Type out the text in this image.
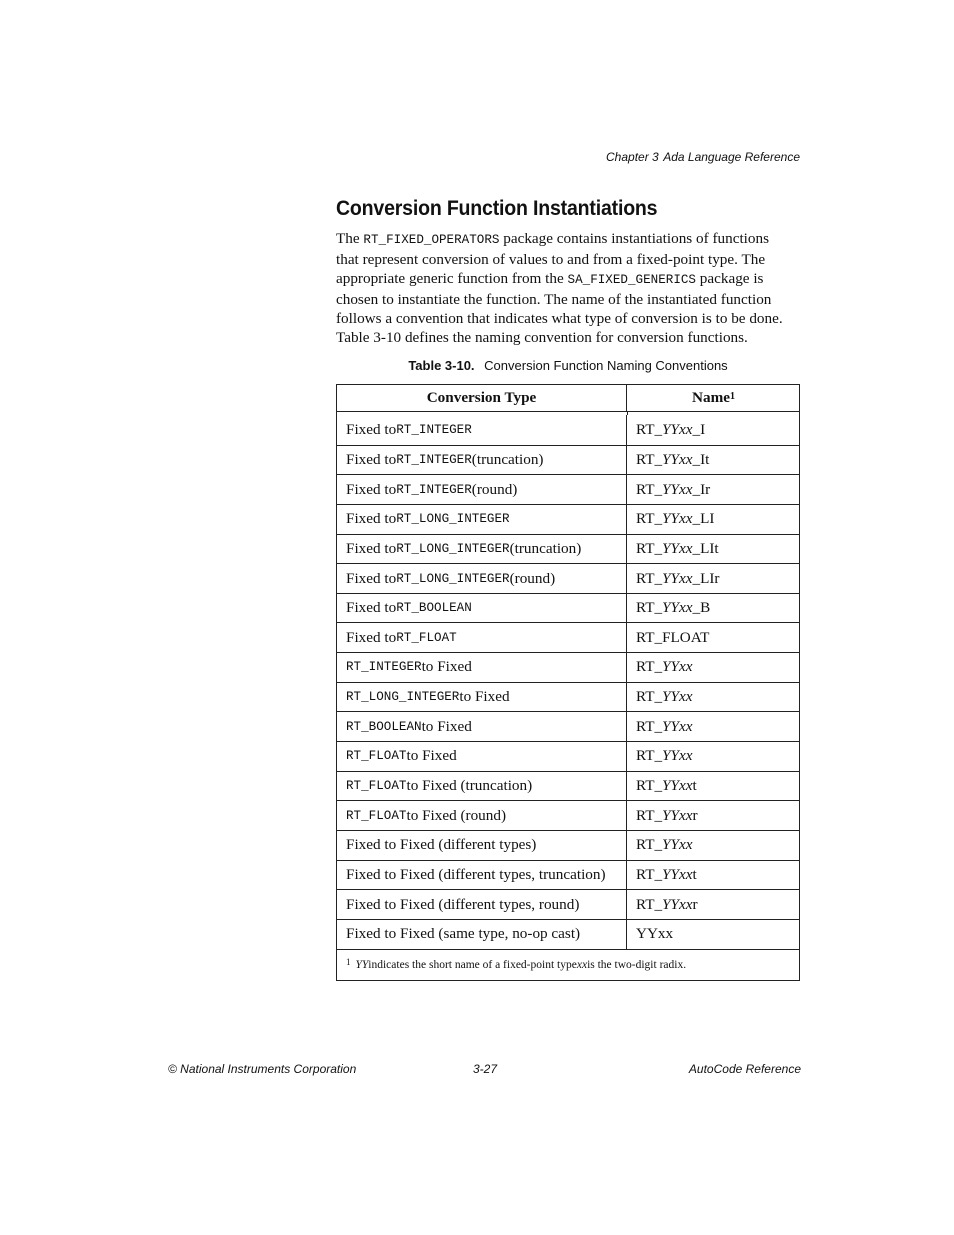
Chapter 3 Ada Language Reference
Conversion Function Instantiations

The RT_FIXED_OPERATORS package contains instantiations of functions
that represent conversion of values to and from a fixed-point type. The
appropriate generic function from the SA_FIXED_GENERICS package is
chosen to instantiate the function. The name of the instantiated function
follows a convention that indicates what type of conversion is to be done.
Table 3-10 defines the naming convention for conversion functions.

Table 3-10. Conversion Function Naming Conventions
Conversion Type	Name$^1$
Fixed to RT_INTEGER	RT_ YYxx _I
Fixed to RT_INTEGER (truncation)	RT_ YYxx _It
Fixed to RT_INTEGER (round)	RT_ YYxx _Ir
Fixed to RT_LONG_INTEGER	RT_ YYxx _LI
Fixed to RT_LONG_INTEGER (truncation)	RT_ YYxx _LIt
Fixed to RT_LONG_INTEGER (round)	RT_ YYxx _LIr
Fixed to RT_BOOLEAN	RT_ YYxx _B
Fixed to RT_FLOAT	RT_FLOAT
RT_INTEGER to Fixed	RT_ YYxx
RT_LONG_INTEGER to Fixed	RT_ YYxx
RT_BOOLEAN to Fixed	RT_ YYxx
RT_FLOAT to Fixed	RT_ YYxx
RT_FLOAT to Fixed (truncation)	RT_ YYxx t
RT_FLOAT to Fixed (round)	RT_ YYxx r
Fixed to Fixed (different types)	RT_ YYxx
Fixed to Fixed (different types, truncation) RT_ YYxx t
Fixed to Fixed (different types, round)	RT_ YYxx r
Fixed to Fixed (same type, no-op cast)	YYxx
$^1$ YY indicates the short name of a fixed-point type xx is the two-digit radix.
© National Instruments Corporation	3-27	AutoCode Reference
